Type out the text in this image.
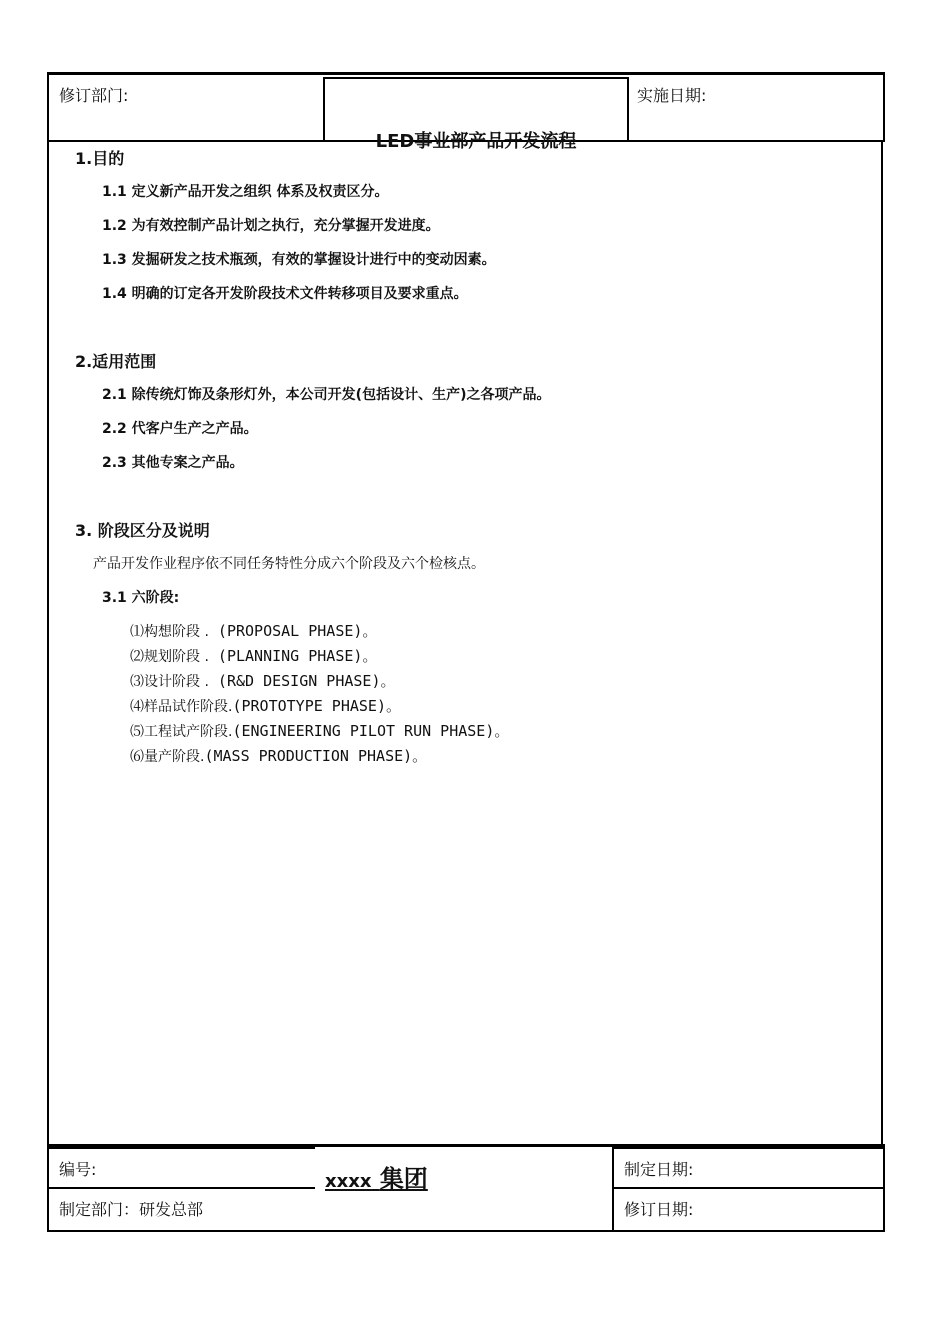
修订部门:	实施日期:
LED事业部产品开发流程
1.目的
1.1 定义新产品开发之组织 体系及权责区分。
1.2 为有效控制产品计划之执行，充分掌握开发进度。
1.3 发掘研发之技术瓶颈，有效的掌握设计进行中的变动因素。
1.4 明确的订定各开发阶段技术文件转移项目及要求重点。
2.适用范围
2.1 除传统灯饰及条形灯外，本公司开发(包括设计、生产)之各项产品。
2.2 代客户生产之产品。
2.3 其他专案之产品。
3. 阶段区分及说明
产品开发作业程序依不同任务特性分成六个阶段及六个检核点。
3.1 六阶段:
⑴构想阶段 . (PROPOSAL PHASE)。
⑵规划阶段 . (PLANNING PHASE)。
⑶设计阶段 . (R&D DESIGN PHASE)。
⑷样品试作阶段.(PROTOTYPE PHASE)。
⑸工程试产阶段.(ENGINEERING PILOT RUN PHASE)。
⑹量产阶段.(MASS PRODUCTION PHASE)。
编号:
制定部门：研发总部
xxxx 集团	制定日期:
修订日期:
